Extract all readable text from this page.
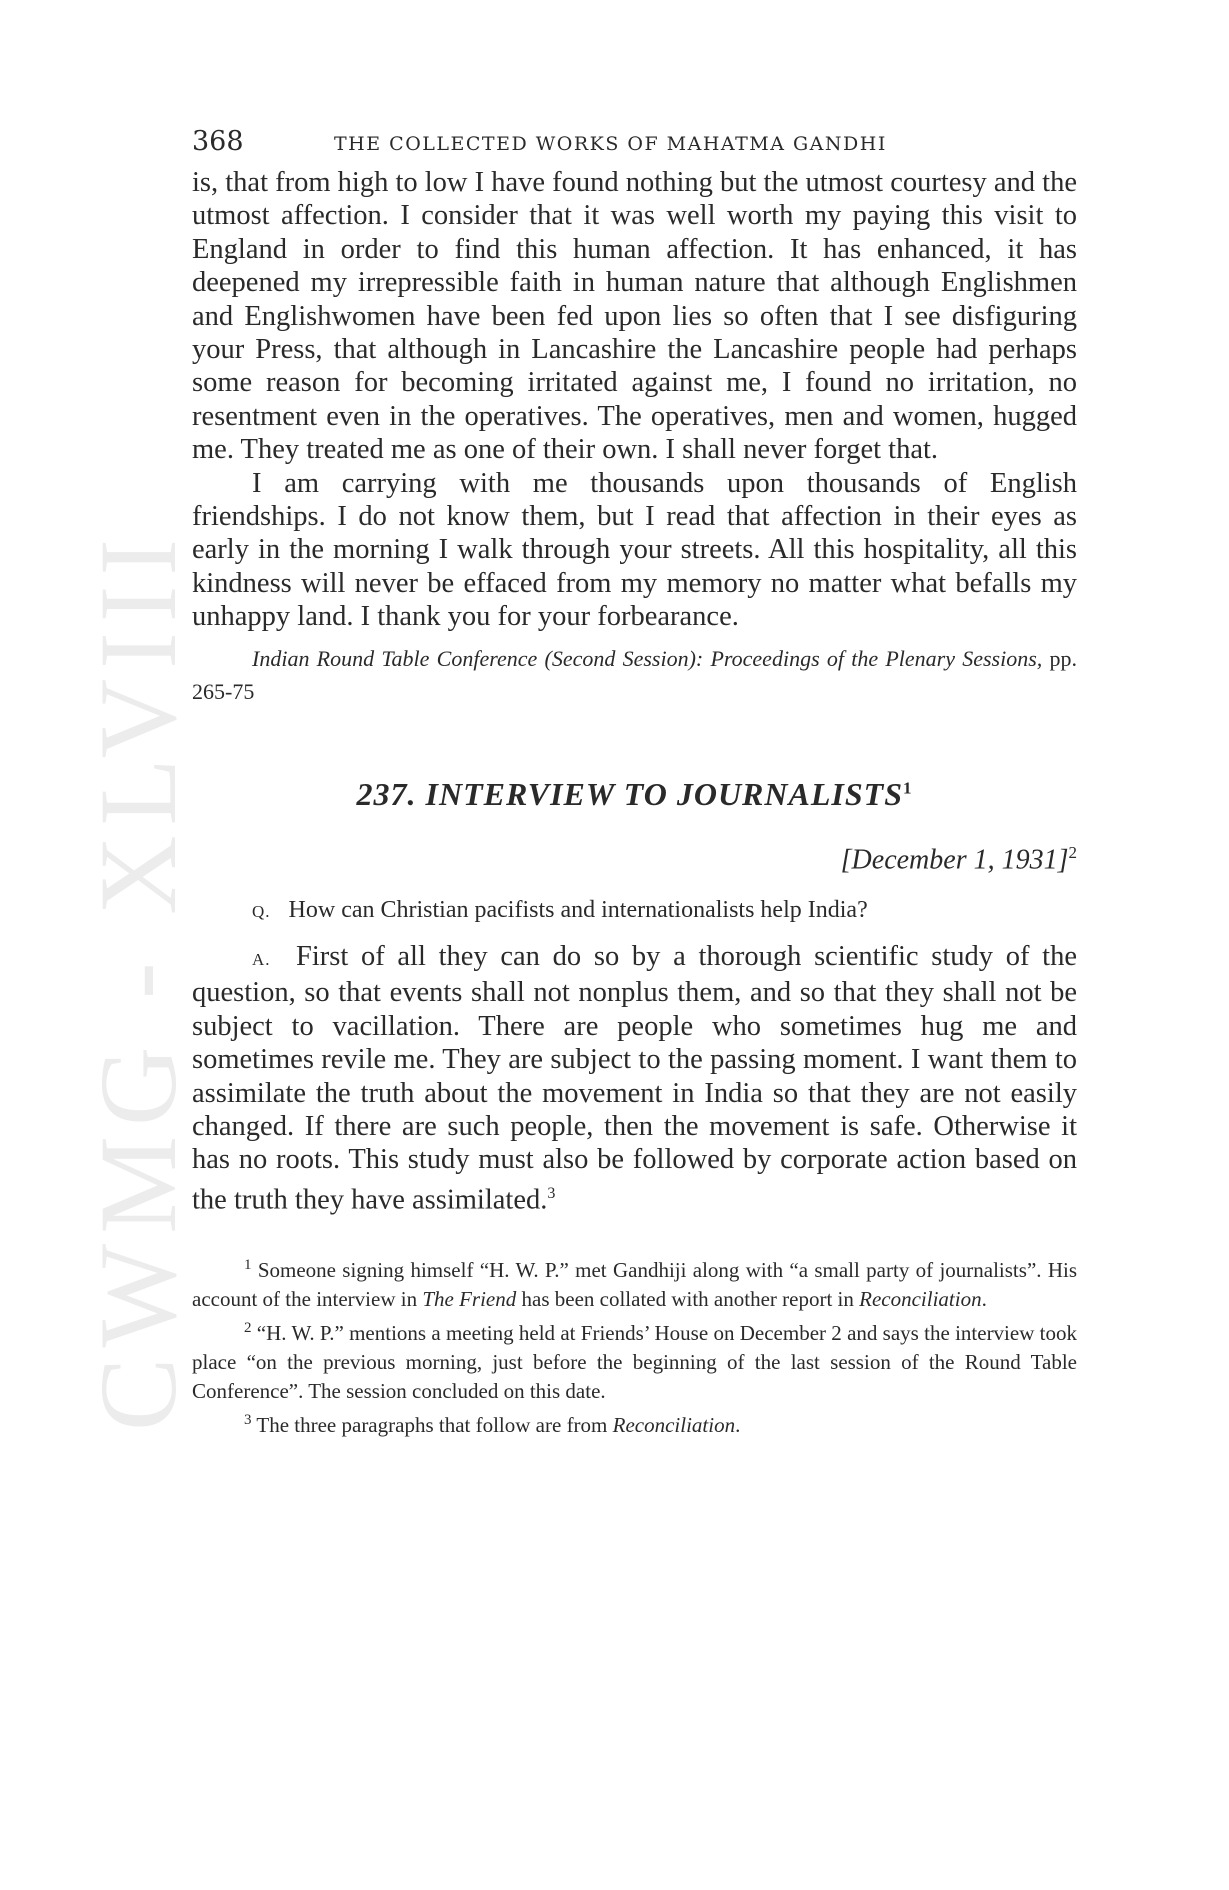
CWMG - XLVIII
368	THE COLLECTED WORKS OF MAHATMA GANDHI

is, that from high to low I have found nothing but the utmost courtesy and the utmost affection. I consider that it was well worth my paying this visit to England in order to find this human affection. It has enhanced, it has deepened my irrepressible faith in human nature that although Englishmen and Englishwomen have been fed upon lies so often that I see disfiguring your Press, that although in Lancashire the Lancashire people had perhaps some reason for becoming irritated against me, I found no irritation, no resentment even in the operatives. The operatives, men and women, hugged me. They treated me as one of their own. I shall never forget that.

I am carrying with me thousands upon thousands of English friendships. I do not know them, but I read that affection in their eyes as early in the morning I walk through your streets. All this hospitality, all this kindness will never be effaced from my memory no matter what befalls my unhappy land. I thank you for your forbearance.

Indian Round Table Conference (Second Session): Proceedings of the Plenary Sessions, pp. 265-75

237. INTERVIEW TO JOURNALISTS$^1$

[December 1, 1931]$^2$

Q. How can Christian pacifists and internationalists help India?

A. First of all they can do so by a thorough scientific study of the question, so that events shall not nonplus them, and so that they shall not be subject to vacillation. There are people who sometimes hug me and sometimes revile me. They are subject to the passing moment. I want them to assimilate the truth about the movement in India so that they are not easily changed. If there are such people, then the movement is safe. Otherwise it has no roots. This study must also be followed by corporate action based on the truth they have assimilated.$^3$

$^1$ Someone signing himself “H. W. P.” met Gandhiji along with “a small party of journalists”. His account of the interview in The Friend has been collated with another report in Reconciliation.

$^2$ “H. W. P.” mentions a meeting held at Friends’ House on December 2 and says the interview took place “on the previous morning, just before the beginning of the last session of the Round Table Conference”. The session concluded on this date.

$^3$ The three paragraphs that follow are from Reconciliation.
